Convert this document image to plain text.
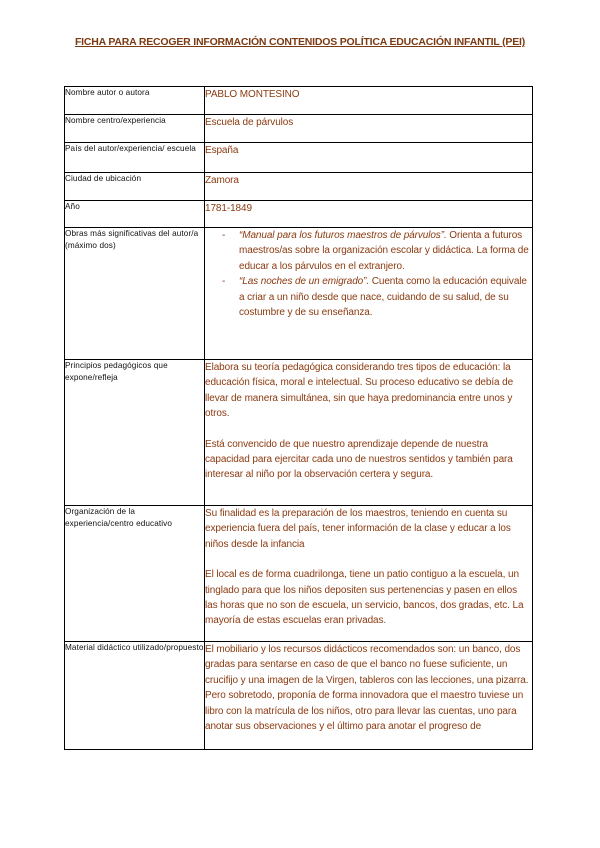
FICHA PARA RECOGER INFORMACIÓN CONTENIDOS POLÍTICA EDUCACIÓN INFANTIL (PEI)
Nombre autor o autora	PABLO MONTESINO
Nombre centro/experiencia	Escuela de párvulos
País del autor/experiencia/ escuela	España
Ciudad de ubicación	Zamora
Año	1781-1849
Obras más significativas del autor/a (máximo dos)	- “Manual para los futuros maestros de párvulos”. Orienta a futuros maestros/as sobre la organización escolar y didáctica. La forma de educar a los párvulos en el extranjero.
- “Las noches de un emigrado”. Cuenta como la educación equivale a criar a un niño desde que nace, cuidando de su salud, de su costumbre y de su enseñanza.

Principios pedagógicos que expone/refleja	Elabora su teoría pedagógica considerando tres tipos de educación: la educación física, moral e intelectual. Su proceso educativo se debía de llevar de manera simultánea, sin que haya predominancia entre unos y otros.

Está convencido de que nuestro aprendizaje depende de nuestra capacidad para ejercitar cada uno de nuestros sentidos y también para interesar al niño por la observación certera y segura.

Organización de la experiencia/centro educativo	Su finalidad es la preparación de los maestros, teniendo en cuenta su experiencia fuera del país, tener información de la clase y educar a los niños desde la infancia

El local es de forma cuadrilonga, tiene un patio contiguo a la escuela, un tinglado para que los niños depositen sus pertenencias y pasen en ellos las horas que no son de escuela, un servicio, bancos, dos gradas, etc. La mayoría de estas escuelas eran privadas.

Material didáctico utilizado/propuesto	El mobiliario y los recursos didácticos recomendados son: un banco, dos gradas para sentarse en caso de que el banco no fuese suficiente, un crucifijo y una imagen de la Virgen, tableros con las lecciones, una pizarra. Pero sobretodo, proponía de forma innovadora que el maestro tuviese un libro con la matrícula de los niños, otro para llevar las cuentas, uno para anotar sus observaciones y el último para anotar el progreso de
